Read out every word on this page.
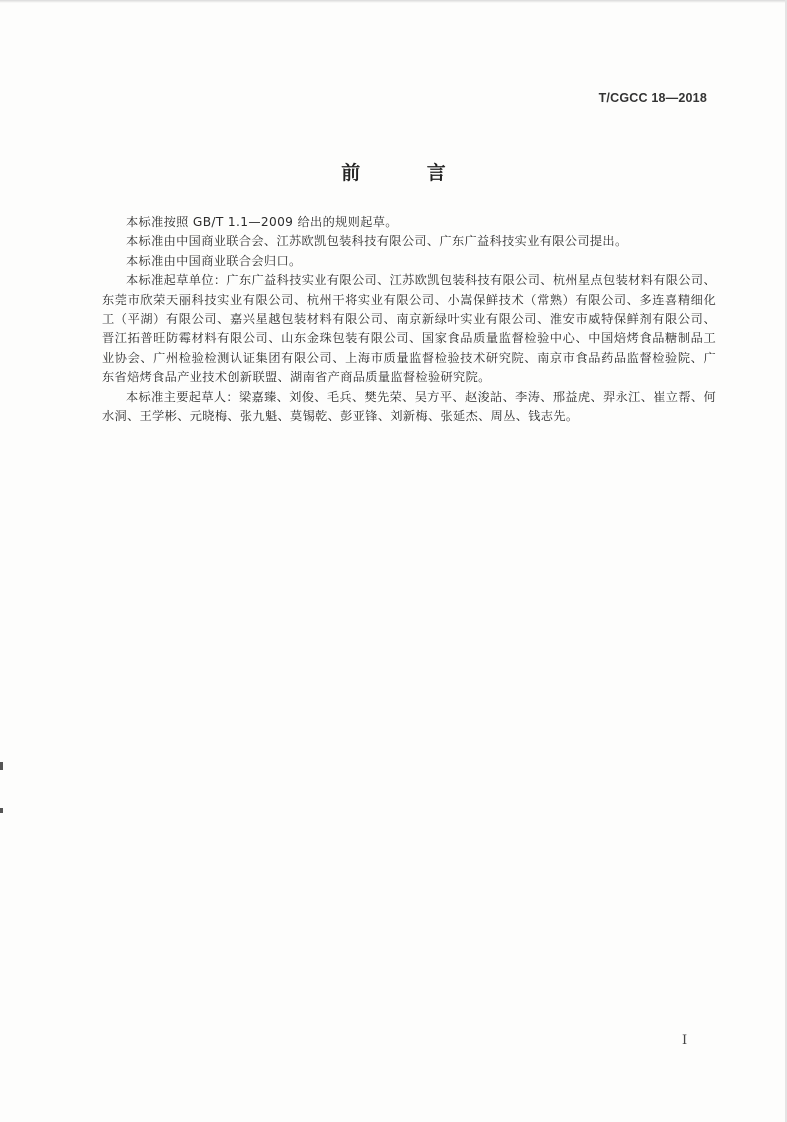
T/CGCC 18—2018
前 言

本标准按照 GB/T 1.1—2009 给出的规则起草。

本标准由中国商业联合会、江苏欧凯包装科技有限公司、广东广益科技实业有限公司提出。

本标准由中国商业联合会归口。

本标准起草单位：广东广益科技实业有限公司、江苏欧凯包装科技有限公司、杭州星点包装材料有限公司、东莞市欣荣天丽科技实业有限公司、杭州干将实业有限公司、小嵩保鲜技术（常熟）有限公司、多连喜精细化工（平湖）有限公司、嘉兴星越包装材料有限公司、南京新绿叶实业有限公司、淮安市威特保鲜剂有限公司、晋江拓普旺防霉材料有限公司、山东金珠包装有限公司、国家食品质量监督检验中心、中国焙烤食品糖制品工业协会、广州检验检测认证集团有限公司、上海市质量监督检验技术研究院、南京市食品药品监督检验院、广东省焙烤食品产业技术创新联盟、湖南省产商品质量监督检验研究院。

本标准主要起草人：梁嘉臻、刘俊、毛兵、樊先荣、吴方平、赵浚詀、李涛、邢益虎、羿永江、崔立帮、何水洞、王学彬、元晓梅、张九魁、莫锡乾、彭亚锋、刘新梅、张延杰、周丛、钱志先。

I
